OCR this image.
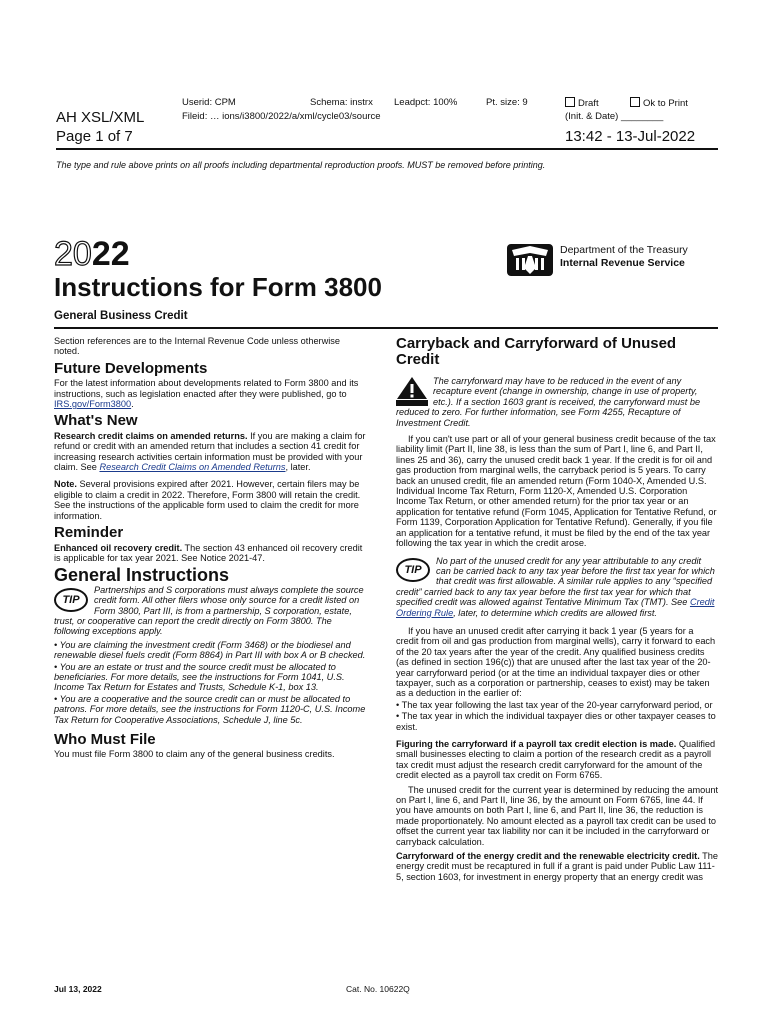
Userid: CPM	Schema: instrx Leadpct: 100%	Pt. size: 9	Draft	Ok to Print
AH XSL/XML	Fileid: … ions/i3800/2022/a/xml/cycle03/source	(Init. & Date) ________
Page 1 of 7	13:42 - 13-Jul-2022
The type and rule above prints on all proofs including departmental reproduction proofs. MUST be removed before printing.
2022
Instructions for Form 3800
General Business Credit
Department of the Treasury
Internal Revenue Service

Section references are to the Internal Revenue Code unless otherwise noted.

Future Developments

For the latest information about developments related to Form 3800 and its instructions, such as legislation enacted after they were published, go to
IRS.gov/Form3800.

What's New

Research credit claims on amended returns. If you are making a claim for refund or credit with an amended return that includes a section 41 credit for increasing research activities certain information must be provided with your claim. See Research Credit Claims on Amended Returns, later.

Note. Several provisions expired after 2021. However, certain filers may be eligible to claim a credit in 2022. Therefore, Form 3800 will retain the credit. See the instructions of the applicable form used to claim the credit for more information.

Reminder

Enhanced oil recovery credit. The section 43 enhanced oil recovery credit is applicable for tax year 2021. See Notice 2021-47.

General Instructions
TIP
Partnerships and S corporations must always complete the source credit form. All other filers whose only source for a credit listed on Form 3800, Part III, is from a partnership, S corporation, estate, trust, or cooperative can report the credit directly on Form 3800. The following exceptions apply.

• You are claiming the investment credit (Form 3468) or the biodiesel and renewable diesel fuels credit (Form 8864) in Part III with box A or B checked.

• You are an estate or trust and the source credit must be allocated to beneficiaries. For more details, see the instructions for Form 1041, U.S. Income Tax Return for Estates and Trusts, Schedule K-1, box 13.

• You are a cooperative and the source credit can or must be allocated to patrons. For more details, see the instructions for Form 1120-C, U.S. Income Tax Return for Cooperative Associations, Schedule J, line 5c.

Who Must File

You must file Form 3800 to claim any of the general business credits.

Carryback and Carryforward of Unused Credit
The carryforward may have to be reduced in the event of any recapture event (change in ownership, change in use of property, etc.). If a section 1603 grant is received, the carryforward must be reduced to zero. For further information, see Form 4255, Recapture of Investment Credit.

If you can't use part or all of your general business credit because of the tax liability limit (Part II, line 38, is less than the sum of Part I, line 6, and Part II, lines 25 and 36), carry the unused credit back 1 year. If the credit is for oil and gas production from marginal wells, the carryback period is 5 years. To carry back an unused credit, file an amended return (Form 1040-X, Amended U.S. Individual Income Tax Return, Form 1120-X, Amended U.S. Corporation Income Tax Return, or other amended return) for the prior tax year or an application for tentative refund (Form 1045, Application for Tentative Refund, or Form 1139, Corporation Application for Tentative Refund). Generally, if you file an application for a tentative refund, it must be filed by the end of the tax year following the tax year in which the credit arose.

TIP
No part of the unused credit for any year attributable to any credit can be carried back to any tax year before the first tax year for which that credit was first allowable. A similar rule applies to any “specified credit” carried back to any tax year before the first tax year for which that specified credit was allowed against Tentative Minimum Tax (TMT). See Credit Ordering Rule, later, to determine which credits are allowed first.

If you have an unused credit after carrying it back 1 year (5 years for a credit from oil and gas production from marginal wells), carry it forward to each of the 20 tax years after the year of the credit. Any qualified business credits (as defined in section 196(c)) that are unused after the last tax year of the 20-year carryforward period (or at the time an individual taxpayer dies or other taxpayer, such as a corporation or partnership, ceases to exist) may be taken as a deduction in the earlier of:

• The tax year following the last tax year of the 20-year carryforward period, or

• The tax year in which the individual taxpayer dies or other taxpayer ceases to exist.

Figuring the carryforward if a payroll tax credit election is made. Qualified small businesses electing to claim a portion of the research credit as a payroll tax credit must adjust the research credit carryforward for the amount of the credit elected as a payroll tax credit on Form 6765.

The unused credit for the current year is determined by reducing the amount on Part I, line 6, and Part II, line 36, by the amount on Form 6765, line 44. If you have amounts on both Part I, line 6, and Part II, line 36, the reduction is made proportionately. No amount elected as a payroll tax credit can be used to offset the current year tax liability nor can it be included in the carryforward or carryback calculation.

Carryforward of the energy credit and the renewable electricity credit. The energy credit must be recaptured in full if a grant is paid under Public Law 111-5, section 1603, for investment in energy property that an energy credit was

Jul 13, 2022	Cat. No. 10622Q
